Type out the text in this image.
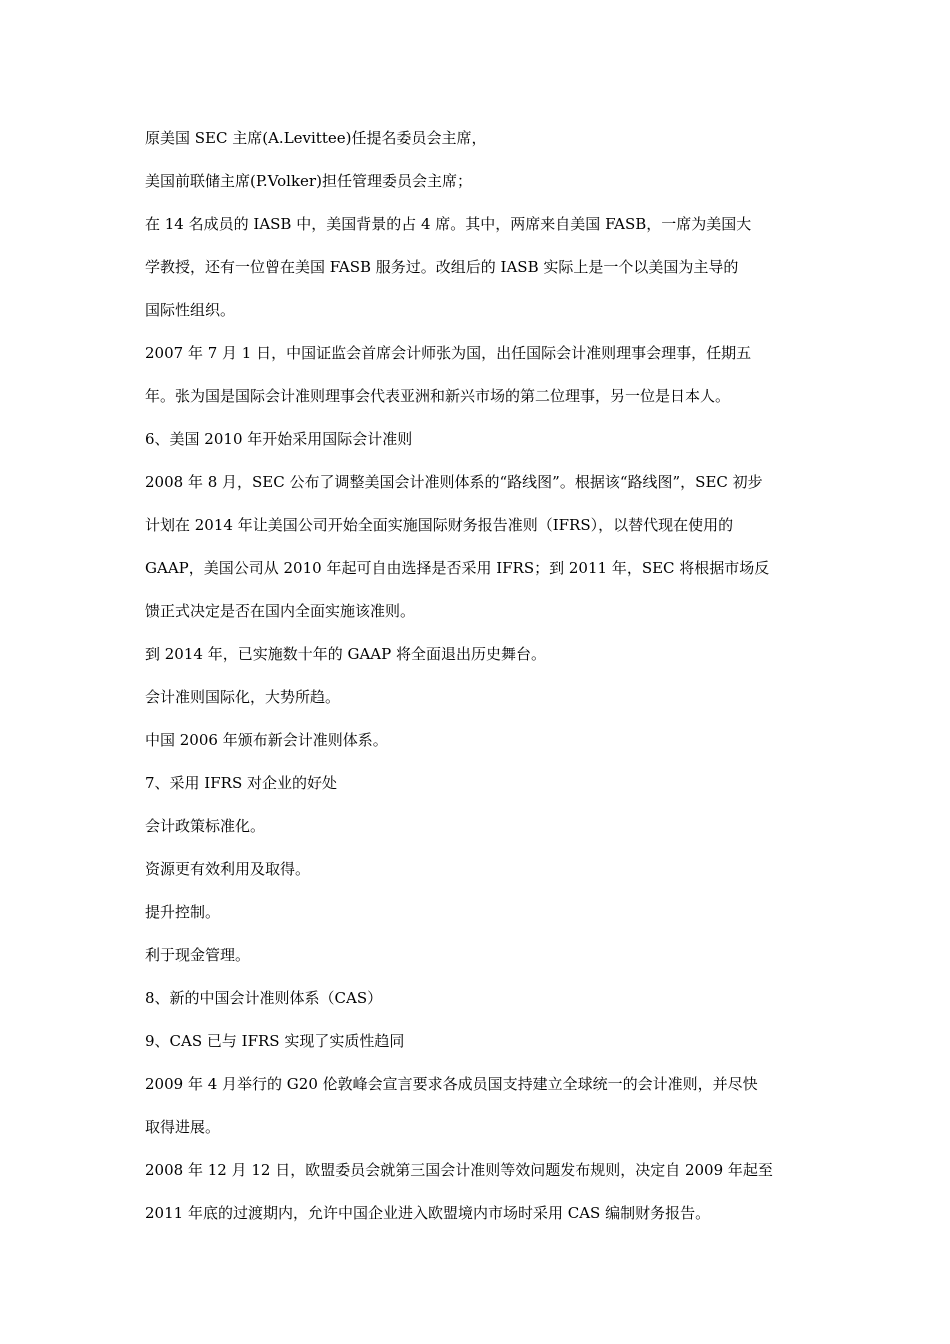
原美国 SEC 主席(A.Levittee)任提名委员会主席，
美国前联储主席(P.Volker)担任管理委员会主席；
在 14 名成员的 IASB 中，美国背景的占 4 席。其中，两席来自美国 FASB，一席为美国大
学教授，还有一位曾在美国 FASB 服务过。改组后的 IASB 实际上是一个以美国为主导的
国际性组织。
2007 年 7 月 1 日，中国证监会首席会计师张为国，出任国际会计准则理事会理事，任期五
年。张为国是国际会计准则理事会代表亚洲和新兴市场的第二位理事，另一位是日本人。
6、美国 2010 年开始采用国际会计准则
2008 年 8 月，SEC 公布了调整美国会计准则体系的“路线图”。根据该“路线图”，SEC 初步
计划在 2014 年让美国公司开始全面实施国际财务报告准则（IFRS），以替代现在使用的
GAAP，美国公司从 2010 年起可自由选择是否采用 IFRS；到 2011 年，SEC 将根据市场反
馈正式决定是否在国内全面实施该准则。
到 2014 年，已实施数十年的 GAAP 将全面退出历史舞台。
会计准则国际化，大势所趋。
中国 2006 年颁布新会计准则体系。
7、采用 IFRS 对企业的好处
会计政策标准化。
资源更有效利用及取得。
提升控制。
利于现金管理。
8、新的中国会计准则体系（CAS）
9、CAS 已与 IFRS 实现了实质性趋同
2009 年 4 月举行的 G20 伦敦峰会宣言要求各成员国支持建立全球统一的会计准则，并尽快
取得进展。
2008 年 12 月 12 日，欧盟委员会就第三国会计准则等效问题发布规则，决定自 2009 年起至
2011 年底的过渡期内，允许中国企业进入欧盟境内市场时采用 CAS 编制财务报告。
